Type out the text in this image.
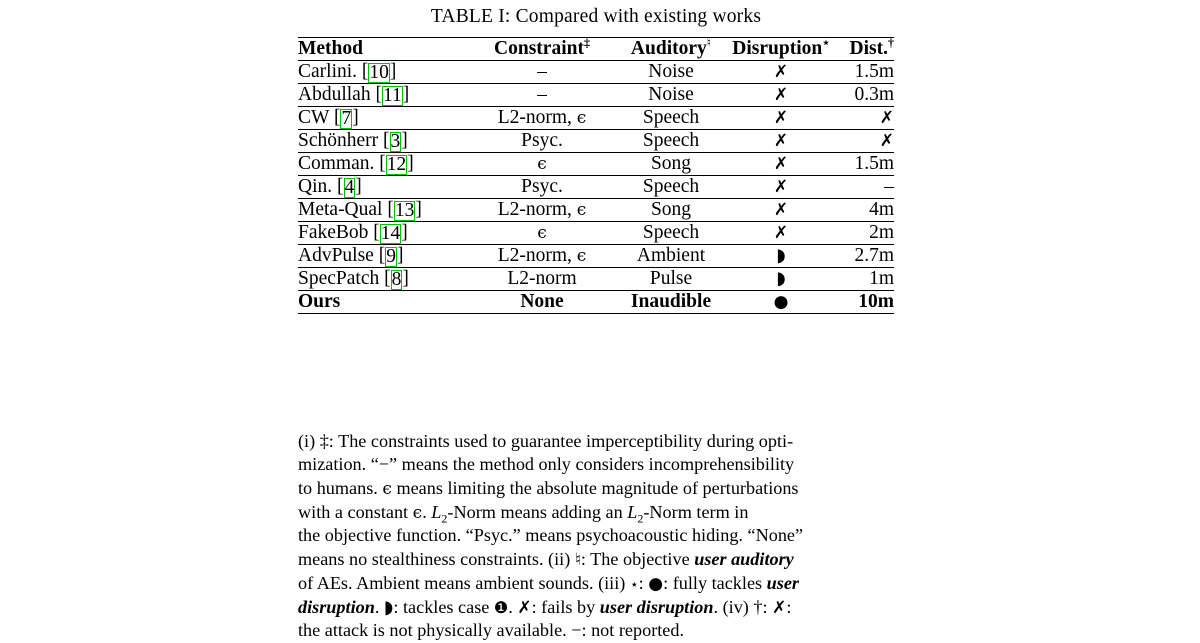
TABLE I: Compared with existing works

Method	Constraint‡	Auditory♮	Disruption⋆	Dist.†
Carlini. [10]	–	Noise	✗	1.5m
Abdullah [11]	–	Noise	✗	0.3m
CW [7]	L2-norm, ϵ	Speech	✗	✗
Schönherr [3]	Psyc.	Speech	✗	✗
Comman. [12]	ϵ	Song	✗	1.5m
Qin. [4]	Psyc.	Speech	✗	–
Meta-Qual [13]	L2-norm, ϵ	Song	✗	4m
FakeBob [14]	ϵ	Speech	✗	2m
AdvPulse [9]	L2-norm, ϵ	Ambient	◗	2.7m
SpecPatch [8]	L2-norm	Pulse	◗	1m
Ours	None	Inaudible	●	10m

(i) ‡: The constraints used to guarantee imperceptibility during opti-

mization. “−” means the method only considers incomprehensibility

to humans. ϵ means limiting the absolute magnitude of perturbations

with a constant ϵ. $L_2$-Norm means adding an $L_2$-Norm term in

the objective function. “Psyc.” means psychoacoustic hiding. “None”

means no stealthiness constraints. (ii) ♮: The objective user auditory

of AEs. Ambient means ambient sounds. (iii) ⋆: ●: fully tackles user

disruption. ◗: tackles case ❶. ✗: fails by user disruption. (iv) †: ✗:

the attack is not physically available. −: not reported.
